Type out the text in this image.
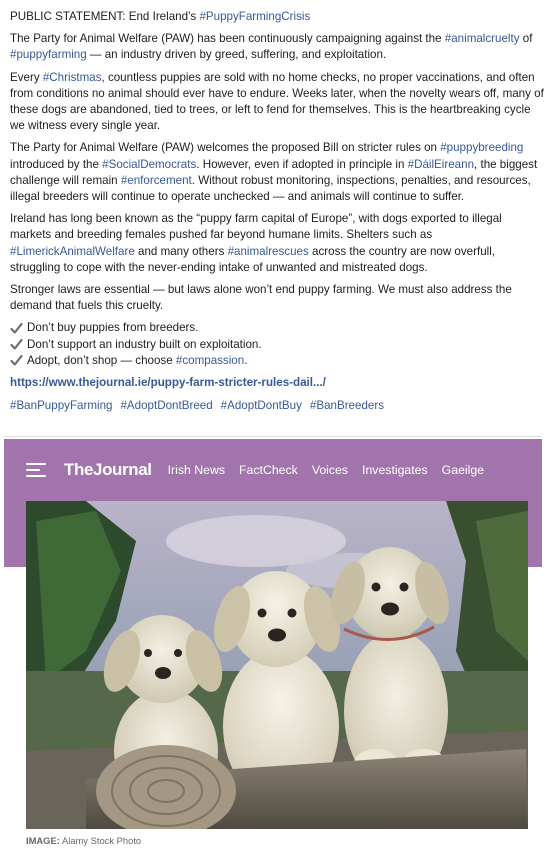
PUBLIC STATEMENT: End Ireland’s #PuppyFarmingCrisis

The Party for Animal Welfare (PAW) has been continuously campaigning against the #animalcruelty of #puppyfarming — an industry driven by greed, suffering, and exploitation.

Every #Christmas, countless puppies are sold with no home checks, no proper vaccinations, and often from conditions no animal should ever have to endure. Weeks later, when the novelty wears off, many of these dogs are abandoned, tied to trees, or left to fend for themselves. This is the heartbreaking cycle we witness every single year.

The Party for Animal Welfare (PAW) welcomes the proposed Bill on stricter rules on #puppybreeding introduced by the #SocialDemocrats. However, even if adopted in principle in #DáilEireann, the biggest challenge will remain #enforcement. Without robust monitoring, inspections, penalties, and resources, illegal breeders will continue to operate unchecked — and animals will continue to suffer.

Ireland has long been known as the “puppy farm capital of Europe”, with dogs exported to illegal markets and breeding females pushed far beyond humane limits. Shelters such as #LimerickAnimalWelfare and many others #animalrescues across the country are now overfull, struggling to cope with the never-ending intake of unwanted and mistreated dogs.

Stronger laws are essential — but laws alone won’t end puppy farming. We must also address the demand that fuels this cruelty.

Don’t buy puppies from breeders.
Don’t support an industry built on exploitation.
Adopt, don’t shop — choose #compassion.

https://www.thejournal.ie/puppy-farm-stricter-rules-dail.../

#BanPuppyFarming #AdoptDontBreed #AdoptDontBuy #BanBreeders
TheJournal Irish News FactCheck Voices Investigates Gaeilge
IMAGE: Alamy Stock Photo
